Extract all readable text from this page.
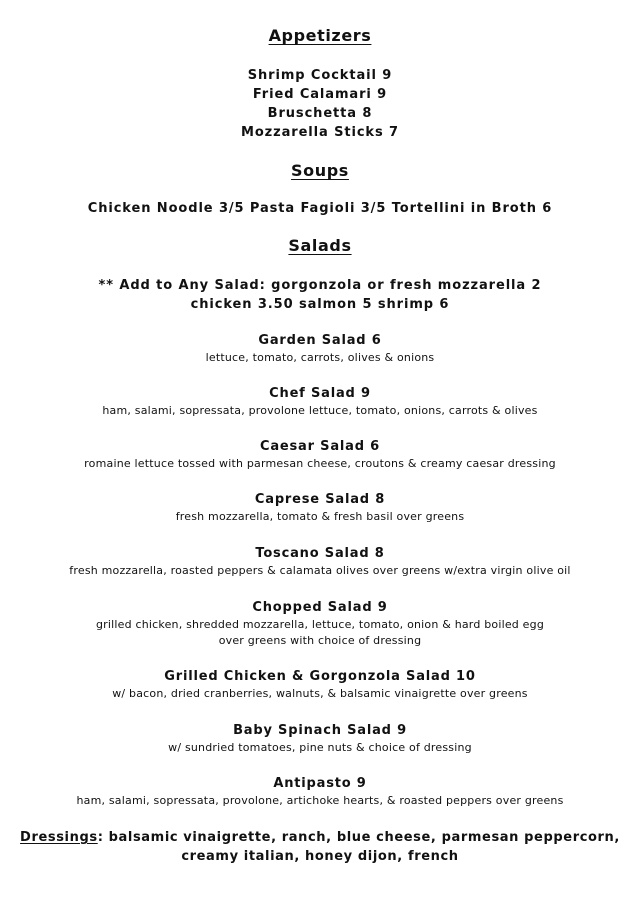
Appetizers

Shrimp Cocktail 9

Fried Calamari 9

Bruschetta 8

Mozzarella Sticks 7

Soups

Chicken Noodle 3/5 Pasta Fagioli 3/5 Tortellini in Broth 6

Salads

** Add to Any Salad: gorgonzola or fresh mozzarella 2

chicken 3.50 salmon 5 shrimp 6

Garden Salad 6

lettuce, tomato, carrots, olives & onions

Chef Salad 9

ham, salami, sopressata, provolone lettuce, tomato, onions, carrots & olives

Caesar Salad 6

romaine lettuce tossed with parmesan cheese, croutons & creamy caesar dressing

Caprese Salad 8

fresh mozzarella, tomato & fresh basil over greens

Toscano Salad 8

fresh mozzarella, roasted peppers & calamata olives over greens w/extra virgin olive oil

Chopped Salad 9

grilled chicken, shredded mozzarella, lettuce, tomato, onion & hard boiled egg

over greens with choice of dressing

Grilled Chicken & Gorgonzola Salad 10

w/ bacon, dried cranberries, walnuts, & balsamic vinaigrette over greens

Baby Spinach Salad 9

w/ sundried tomatoes, pine nuts & choice of dressing

Antipasto 9

ham, salami, sopressata, provolone, artichoke hearts, & roasted peppers over greens

Dressings: balsamic vinaigrette, ranch, blue cheese, parmesan peppercorn,

creamy italian, honey dijon, french
